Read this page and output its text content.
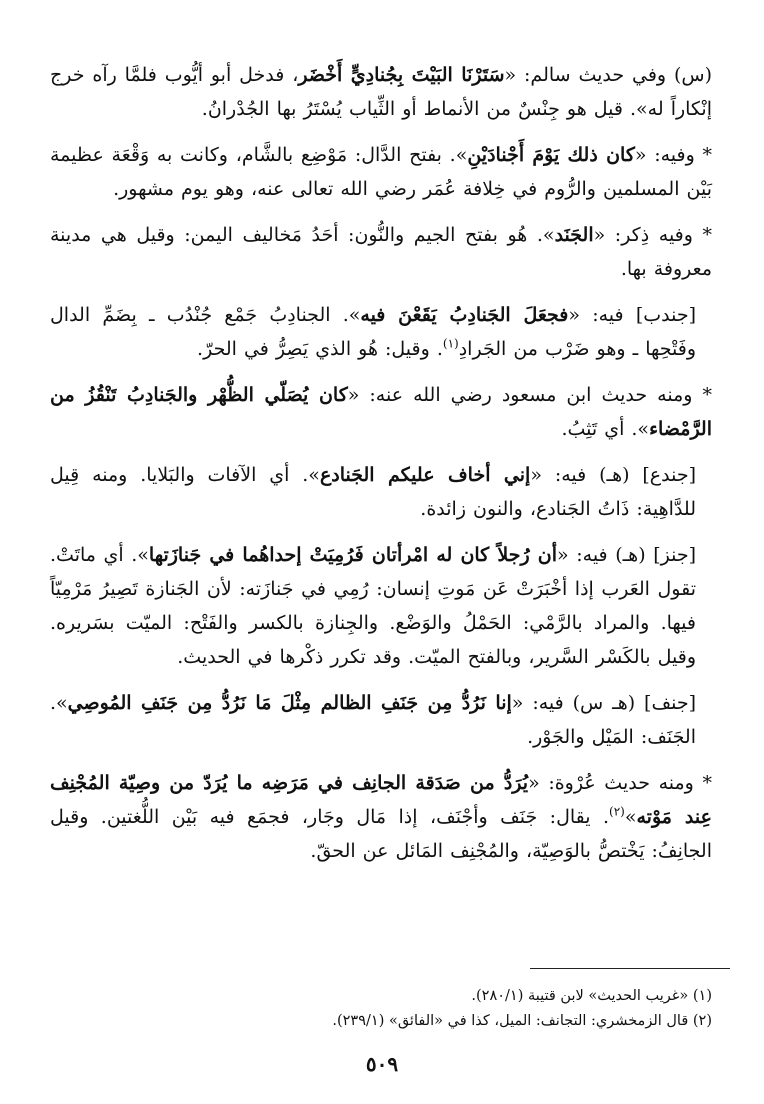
(س) وفي حديث سالم: «سَتَرْنَا البَيْتَ بِجُنادِيٍّ أَخْضَر، فدخل أبو أيُّوب فلمَّا رآه خرج إنْكاراً له». قيل هو جِنْسٌ من الأنماط أو الثِّياب يُسْتَرُ بها الجُدْرانُ.

* وفيه: «كان ذلك يَوْمَ أَجْنادَيْنِ». بفتح الدَّال: مَوْضِع بالشَّام، وكانت به وَقْعَة عظيمة بَيْن المسلمين والرُّوم في خِلافة عُمَر رضي الله تعالى عنه، وهو يوم مشهور.

* وفيه ذِكر: «الجَنَد». هُو بفتح الجيم والنُّون: أحَدُ مَخاليف اليمن: وقيل هي مدينة معروفة بها.

[جندب] فيه: «فجعَلَ الجَنادِبُ يَقَعْنَ فيه». الجنادِبُ جَمْع جُنْدُب ـ بِضَمِّ الدال وفَتْحِها ـ وهو ضَرْب من الجَرادِ$^{(١)}$. وقيل: هُو الذي يَصِرُّ في الحرّ.

* ومنه حديث ابن مسعود رضي الله عنه: «كان يُصَلّي الظُّهْر والجَنادِبُ تَنْقُزُ من الرَّمْضاء». أي تَثِبُ.

[جندع] (هـ) فيه: «إني أخاف عليكم الجَنادع». أي الآفات والبَلايا. ومنه قِيل للدَّاهِية: ذَاتُ الجَنادع، والنون زائدة.

[جنز] (هـ) فيه: «أن رُجلاً كان له امْرأتان فَرُمِيَتْ إحداهُما في جَنازَتها». أي ماتَتْ. تقول العَرب إذا أخْبَرَتْ عَن مَوتِ إنسان: رُمِي في جَنازَته: لأن الجَنازة تَصِيرُ مَرْمِيّاً فيها. والمراد بالرَّمْي: الحَمْلُ والوَضْع. والجِنازة بالكسر والفَتْح: الميّت بسَريره. وقيل بالكَسْر السَّرير، وبالفتح الميّت. وقد تكرر ذكْرها في الحديث.

[جنف] (هـ س) فيه: «إنا نَرُدُّ مِن جَنَفِ الظالم مِثْلَ مَا نَرُدُّ مِن جَنَفِ المُوصِي». الجَنَف: المَيْل والجَوْر.

* ومنه حديث عُرْوة: «يُرَدُّ من صَدَقة الجانِف في مَرَضِه ما يُرَدّ من وصِيّة المُجْنِف عِند مَوْته»$^{(٢)}$. يقال: جَنَف وأجْنَف، إذا مَال وجَار، فجمَع فيه بَيْن اللُّغتين. وقيل الجانِفُ: يَخْتصُّ بالوَصِيّة، والمُجْنِف المَائل عن الحقّ.

(١) «غريب الحديث» لابن قتيبة (٢٨٠/١).

(٢) قال الزمخشري: التجانف: الميل، كذا في «الفائق» (٢٣٩/١).

٥٠٩
